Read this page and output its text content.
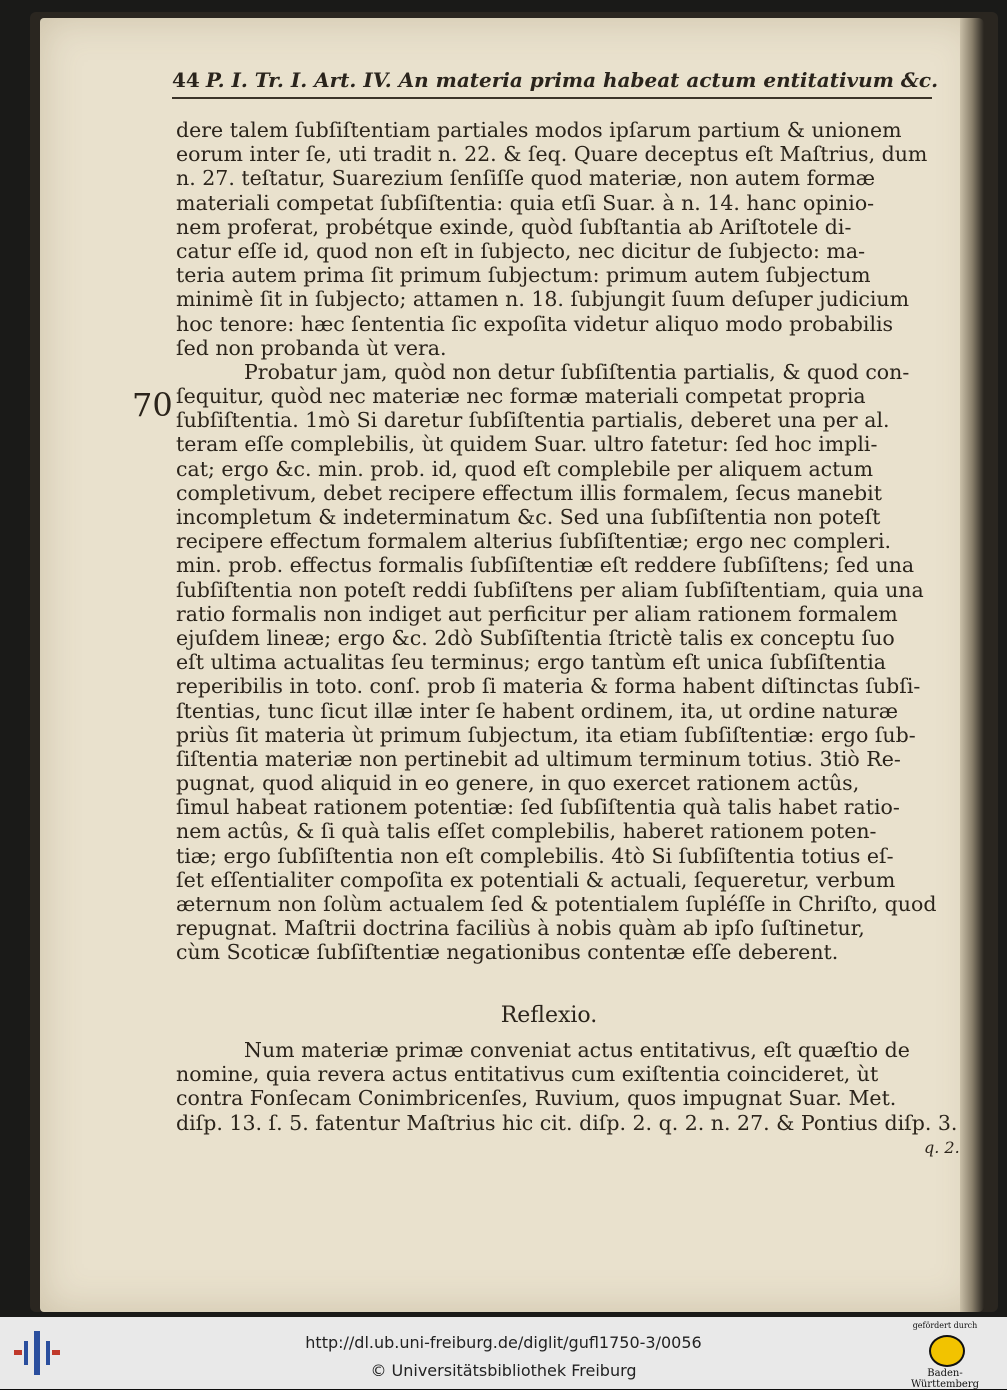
44 P. I. Tr. I. Art. IV. An materia prima habeat actum entitativum &c.
70
dere talem ſubſiſtentiam partiales modos ipſarum partium & unionem
eorum inter ſe, uti tradit n. 22. & ſeq. Quare deceptus eſt Maſtrius, dum
n. 27. teſtatur, Suarezium ſenſiſſe quod materiæ, non autem formæ
materiali competat ſubſiſtentia: quia etſi Suar. à n. 14. hanc opinio-
nem proferat, probétque exinde, quòd ſubſtantia ab Ariſtotele di-
catur eſſe id, quod non eſt in ſubjecto, nec dicitur de ſubjecto: ma-
teria autem prima ſit primum ſubjectum: primum autem ſubjectum
minimè ſit in ſubjecto; attamen n. 18. ſubjungit ſuum deſuper judicium
hoc tenore: hæc ſententia ſic expoſita videtur aliquo modo probabilis
ſed non probanda ùt vera.
Probatur jam, quòd non detur ſubſiſtentia partialis, & quod con-
ſequitur, quòd nec materiæ nec formæ materiali competat propria
ſubſiſtentia. 1mò Si daretur ſubſiſtentia partialis, deberet una per al.
teram eſſe complebilis, ùt quidem Suar. ultro fatetur: ſed hoc impli-
cat; ergo &c. min. prob. id, quod eſt complebile per aliquem actum
completivum, debet recipere effectum illis formalem, ſecus manebit
incompletum & indeterminatum &c. Sed una ſubſiſtentia non poteſt
recipere effectum formalem alterius ſubſiſtentiæ; ergo nec compleri.
min. prob. effectus formalis ſubſiſtentiæ eſt reddere ſubſiſtens; ſed una
ſubſiſtentia non poteſt reddi ſubſiſtens per aliam ſubſiſtentiam, quia una
ratio formalis non indiget aut perficitur per aliam rationem formalem
ejuſdem lineæ; ergo &c. 2dò Subſiſtentia ſtrictè talis ex conceptu ſuo
eſt ultima actualitas ſeu terminus; ergo tantùm eſt unica ſubſiſtentia
reperibilis in toto. conſ. prob ſi materia & forma habent diſtinctas ſubſi-
ſtentias, tunc ſicut illæ inter ſe habent ordinem, ita, ut ordine naturæ
priùs ſit materia ùt primum ſubjectum, ita etiam ſubſiſtentiæ: ergo ſub-
ſiſtentia materiæ non pertinebit ad ultimum terminum totius. 3tiò Re-
pugnat, quod aliquid in eo genere, in quo exercet rationem actûs,
ſimul habeat rationem potentiæ: ſed ſubſiſtentia quà talis habet ratio-
nem actûs, & ſi quà talis eſſet complebilis, haberet rationem poten-
tiæ; ergo ſubſiſtentia non eſt complebilis. 4tò Si ſubſiſtentia totius eſ-
ſet eſſentialiter compoſita ex potentiali & actuali, ſequeretur, verbum
æternum non ſolùm actualem ſed & potentialem ſupléſſe in Chriſto, quod
repugnat. Maſtrii doctrina faciliùs à nobis quàm ab ipſo ſuſtinetur,
cùm Scoticæ ſubſiſtentiæ negationibus contentæ eſſe deberent.
Reflexio.
Num materiæ primæ conveniat actus entitativus, eſt quæſtio de
nomine, quia revera actus entitativus cum exiſtentia coincideret, ùt
contra Fonſecam Conimbricenſes, Ruvium, quos impugnat Suar. Met.
diſp. 13. ſ. 5. fatentur Maſtrius hic cit. diſp. 2. q. 2. n. 27. & Pontius diſp. 3.
q. 2.
http://dl.ub.uni-freiburg.de/diglit/gufl1750-3/0056
© Universitätsbibliothek Freiburg
gefördert durch
Baden-Württemberg
